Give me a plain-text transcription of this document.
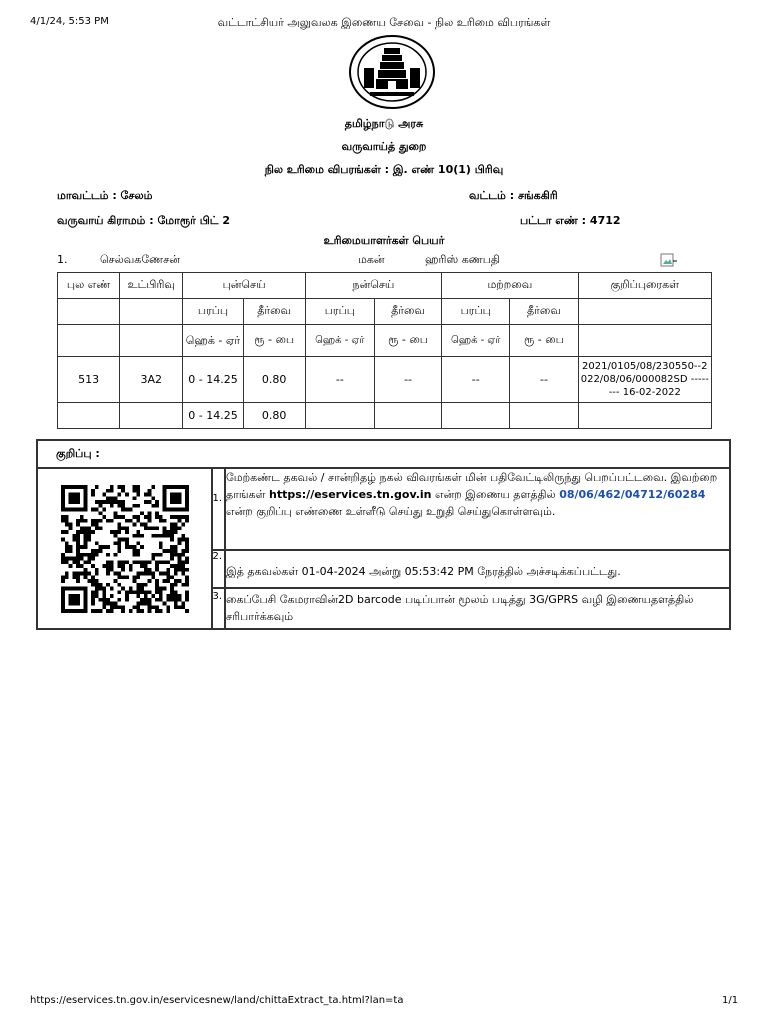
4/1/24, 5:53 PM	வட்டாட்சியர் அலுவலக இணைய சேவை - நில உரிமை விபரங்கள்
தமிழ்நாடு அரசு
வருவாய்த் துறை
நில உரிமை விபரங்கள் : இ. எண் 10(1) பிரிவு
மாவட்டம் : சேலம்	வட்டம் : சங்ககிரி
வருவாய் கிராமம் : மோரூர் பிட் 2	பட்டா எண் : 4712
உரிமையாளர்கள் பெயர்
1.	செல்வகணேசன்	மகன்	ஹரிஸ் கணபதி
புல எண்	உட்பிரிவு	புன்செய்		நன்செய்		மற்றவை		குறிப்புரைகள்
		பரப்பு	தீர்வை	பரப்பு	தீர்வை	பரப்பு	தீர்வை	
		ஹெக் - ஏர்	ரூ - பை	ஹெக் - ஏர்	ரூ - பை	ஹெக் - ஏர்	ரூ - பை	
513	3A2	0 - 14.25	0.80	--	--	--	--	2021/0105/08/230550--2022/08/06/000082SD -------- 16-02-2022
		0 - 14.25	0.80					
குறிப்பு :
1.
மேற்கண்ட தகவல் / சான்றிதழ் நகல் விவரங்கள் மின் பதிவேட்டிலிருந்து பெறப்பட்டவை. இவற்றை தாங்கள் https://eservices.tn.gov.in என்ற இணைய தளத்தில் 08/06/462/04712/60284 என்ற குறிப்பு எண்ணை உள்ளீடு செய்து உறுதி செய்துகொள்ளவும்.
2.
இத் தகவல்கள் 01-04-2024 அன்று 05:53:42 PM நேரத்தில் அச்சடிக்கப்பட்டது.
3. கைப்பேசி கேமராவின்2D barcode படிப்பான் மூலம் படித்து 3G/GPRS வழி இணையதளத்தில் சரிபார்க்கவும்
https://eservices.tn.gov.in/eservicesnew/land/chittaExtract_ta.html?lan=ta	1/1
